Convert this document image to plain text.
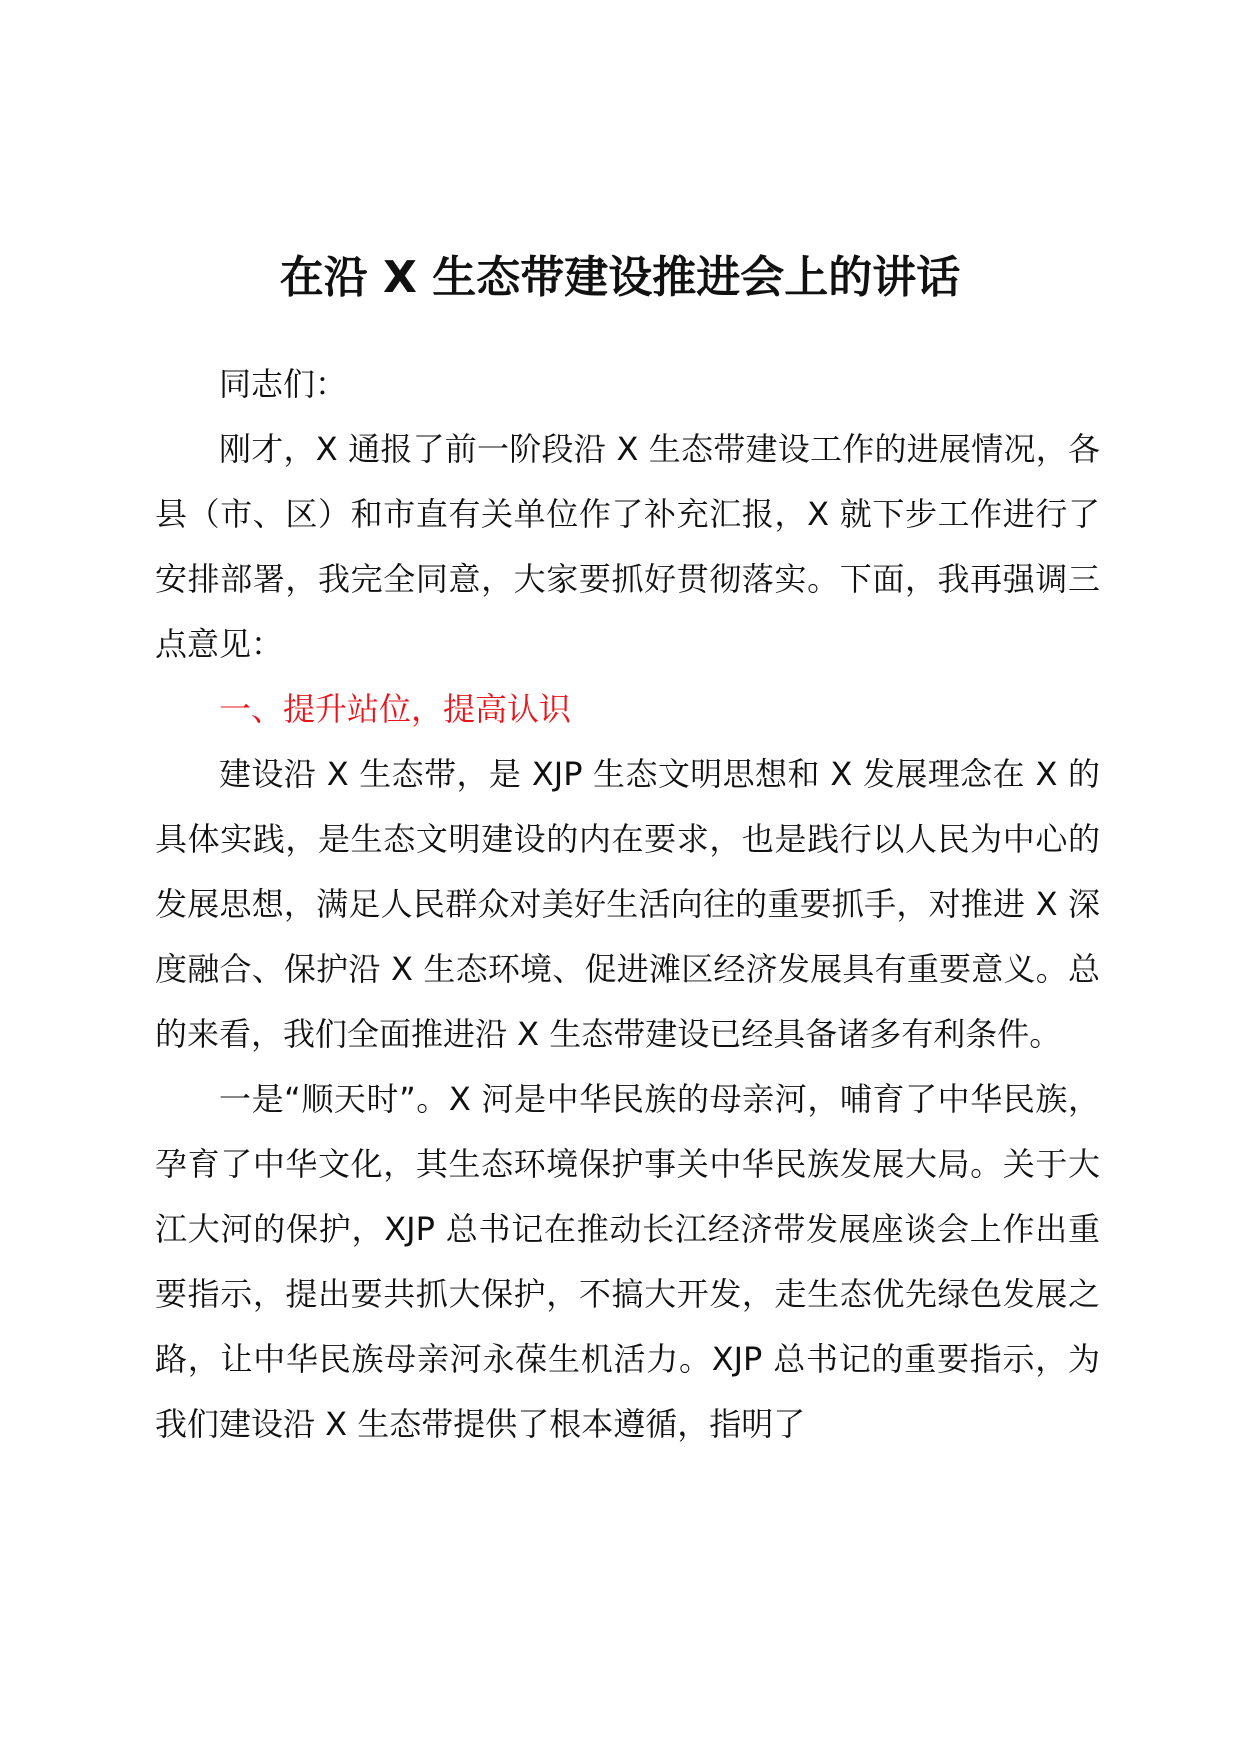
在沿 X 生态带建设推进会上的讲话

同志们：

刚才，X 通报了前一阶段沿 X 生态带建设工作的进展情况，各县（市、区）和市直有关单位作了补充汇报，X 就下步工作进行了安排部署，我完全同意，大家要抓好贯彻落实。下面，我再强调三点意见：

一、提升站位，提高认识

建设沿 X 生态带，是 XJP 生态文明思想和 X 发展理念在 X 的具体实践，是生态文明建设的内在要求，也是践行以人民为中心的发展思想，满足人民群众对美好生活向往的重要抓手，对推进 X 深度融合、保护沿 X 生态环境、促进滩区经济发展具有重要意义。总的来看，我们全面推进沿 X 生态带建设已经具备诸多有利条件。

一是“顺天时”。X 河是中华民族的母亲河，哺育了中华民族，孕育了中华文化，其生态环境保护事关中华民族发展大局。关于大江大河的保护，XJP 总书记在推动长江经济带发展座谈会上作出重要指示，提出要共抓大保护，不搞大开发，走生态优先绿色发展之路，让中华民族母亲河永葆生机活力。XJP 总书记的重要指示，为我们建设沿 X 生态带提供了根本遵循，指明了
